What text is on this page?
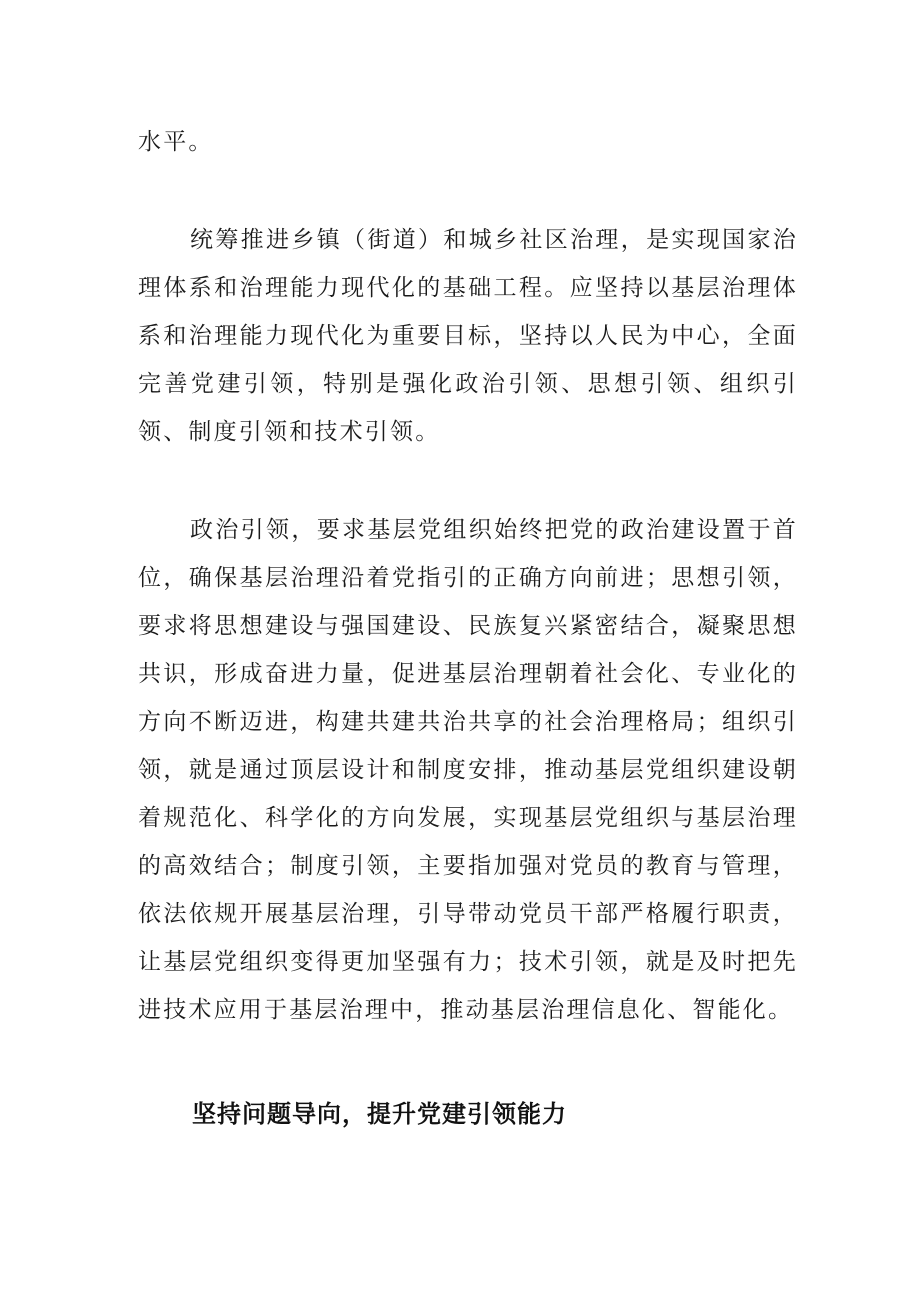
水平。

统筹推进乡镇（街道）和城乡社区治理，是实现国家治理体系和治理能力现代化的基础工程。应坚持以基层治理体系和治理能力现代化为重要目标，坚持以人民为中心，全面完善党建引领，特别是强化政治引领、思想引领、组织引领、制度引领和技术引领。

政治引领，要求基层党组织始终把党的政治建设置于首位，确保基层治理沿着党指引的正确方向前进；思想引领，要求将思想建设与强国建设、民族复兴紧密结合，凝聚思想共识，形成奋进力量，促进基层治理朝着社会化、专业化的方向不断迈进，构建共建共治共享的社会治理格局；组织引领，就是通过顶层设计和制度安排，推动基层党组织建设朝着规范化、科学化的方向发展，实现基层党组织与基层治理的高效结合；制度引领，主要指加强对党员的教育与管理，依法依规开展基层治理，引导带动党员干部严格履行职责，让基层党组织变得更加坚强有力；技术引领，就是及时把先进技术应用于基层治理中，推动基层治理信息化、智能化。

坚持问题导向，提升党建引领能力
